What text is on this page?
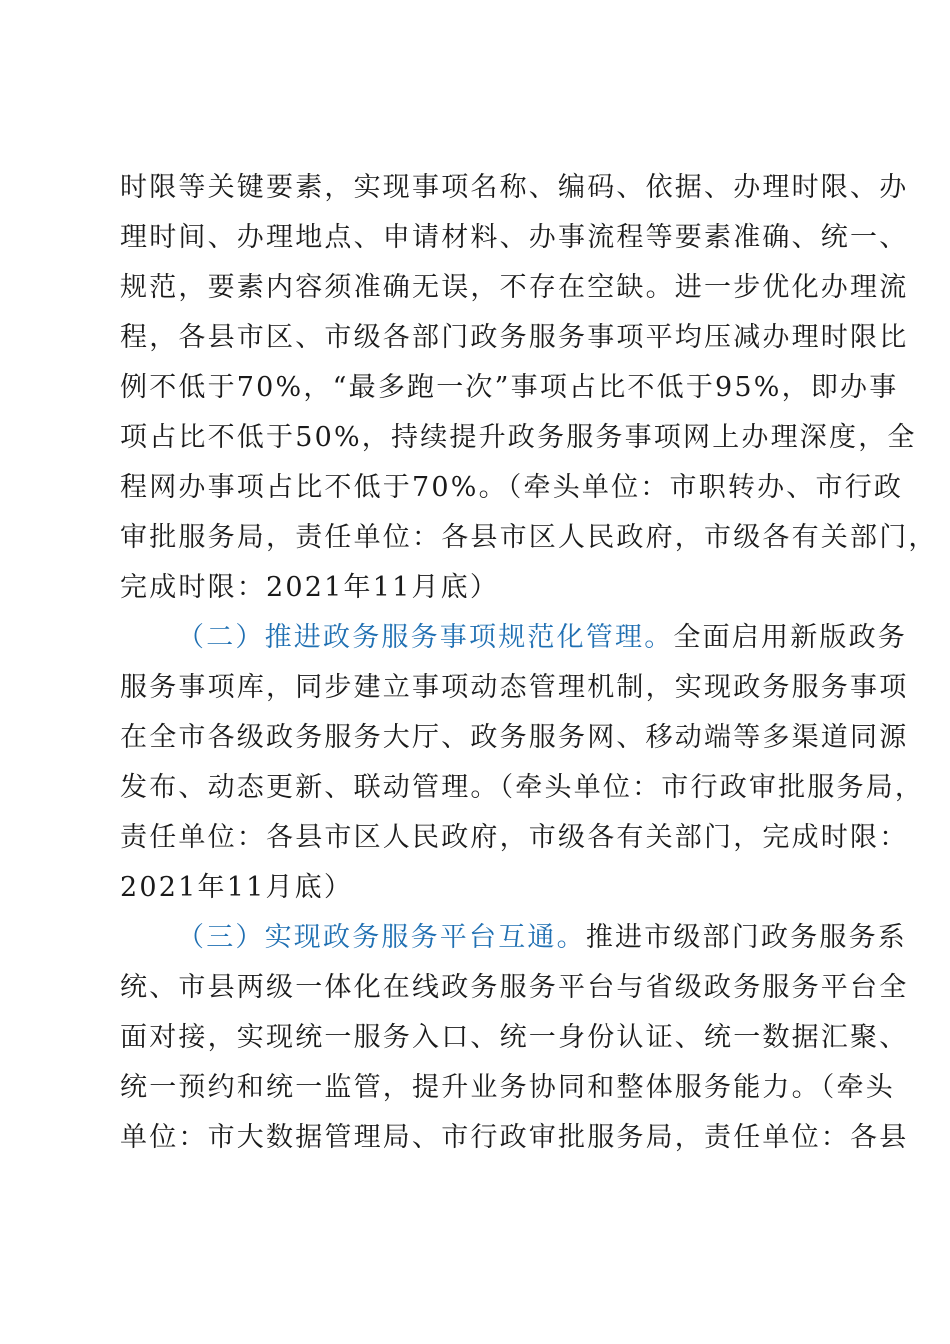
时限等关键要素，实现事项名称、编码、依据、办理时限、办
理时间、办理地点、申请材料、办事流程等要素准确、统一、
规范，要素内容须准确无误，不存在空缺。进一步优化办理流
程，各县市区、市级各部门政务服务事项平均压减办理时限比
例不低于70%，“最多跑一次”事项占比不低于95%，即办事
项占比不低于50%，持续提升政务服务事项网上办理深度，全
程网办事项占比不低于70%。（牵头单位：市职转办、市行政
审批服务局，责任单位：各县市区人民政府，市级各有关部门，
完成时限：2021年11月底）
（二）推进政务服务事项规范化管理。全面启用新版政务
服务事项库，同步建立事项动态管理机制，实现政务服务事项
在全市各级政务服务大厅、政务服务网、移动端等多渠道同源
发布、动态更新、联动管理。（牵头单位：市行政审批服务局，
责任单位：各县市区人民政府，市级各有关部门，完成时限：
2021年11月底）
（三）实现政务服务平台互通。推进市级部门政务服务系
统、市县两级一体化在线政务服务平台与省级政务服务平台全
面对接，实现统一服务入口、统一身份认证、统一数据汇聚、
统一预约和统一监管，提升业务协同和整体服务能力。（牵头
单位：市大数据管理局、市行政审批服务局，责任单位：各县
